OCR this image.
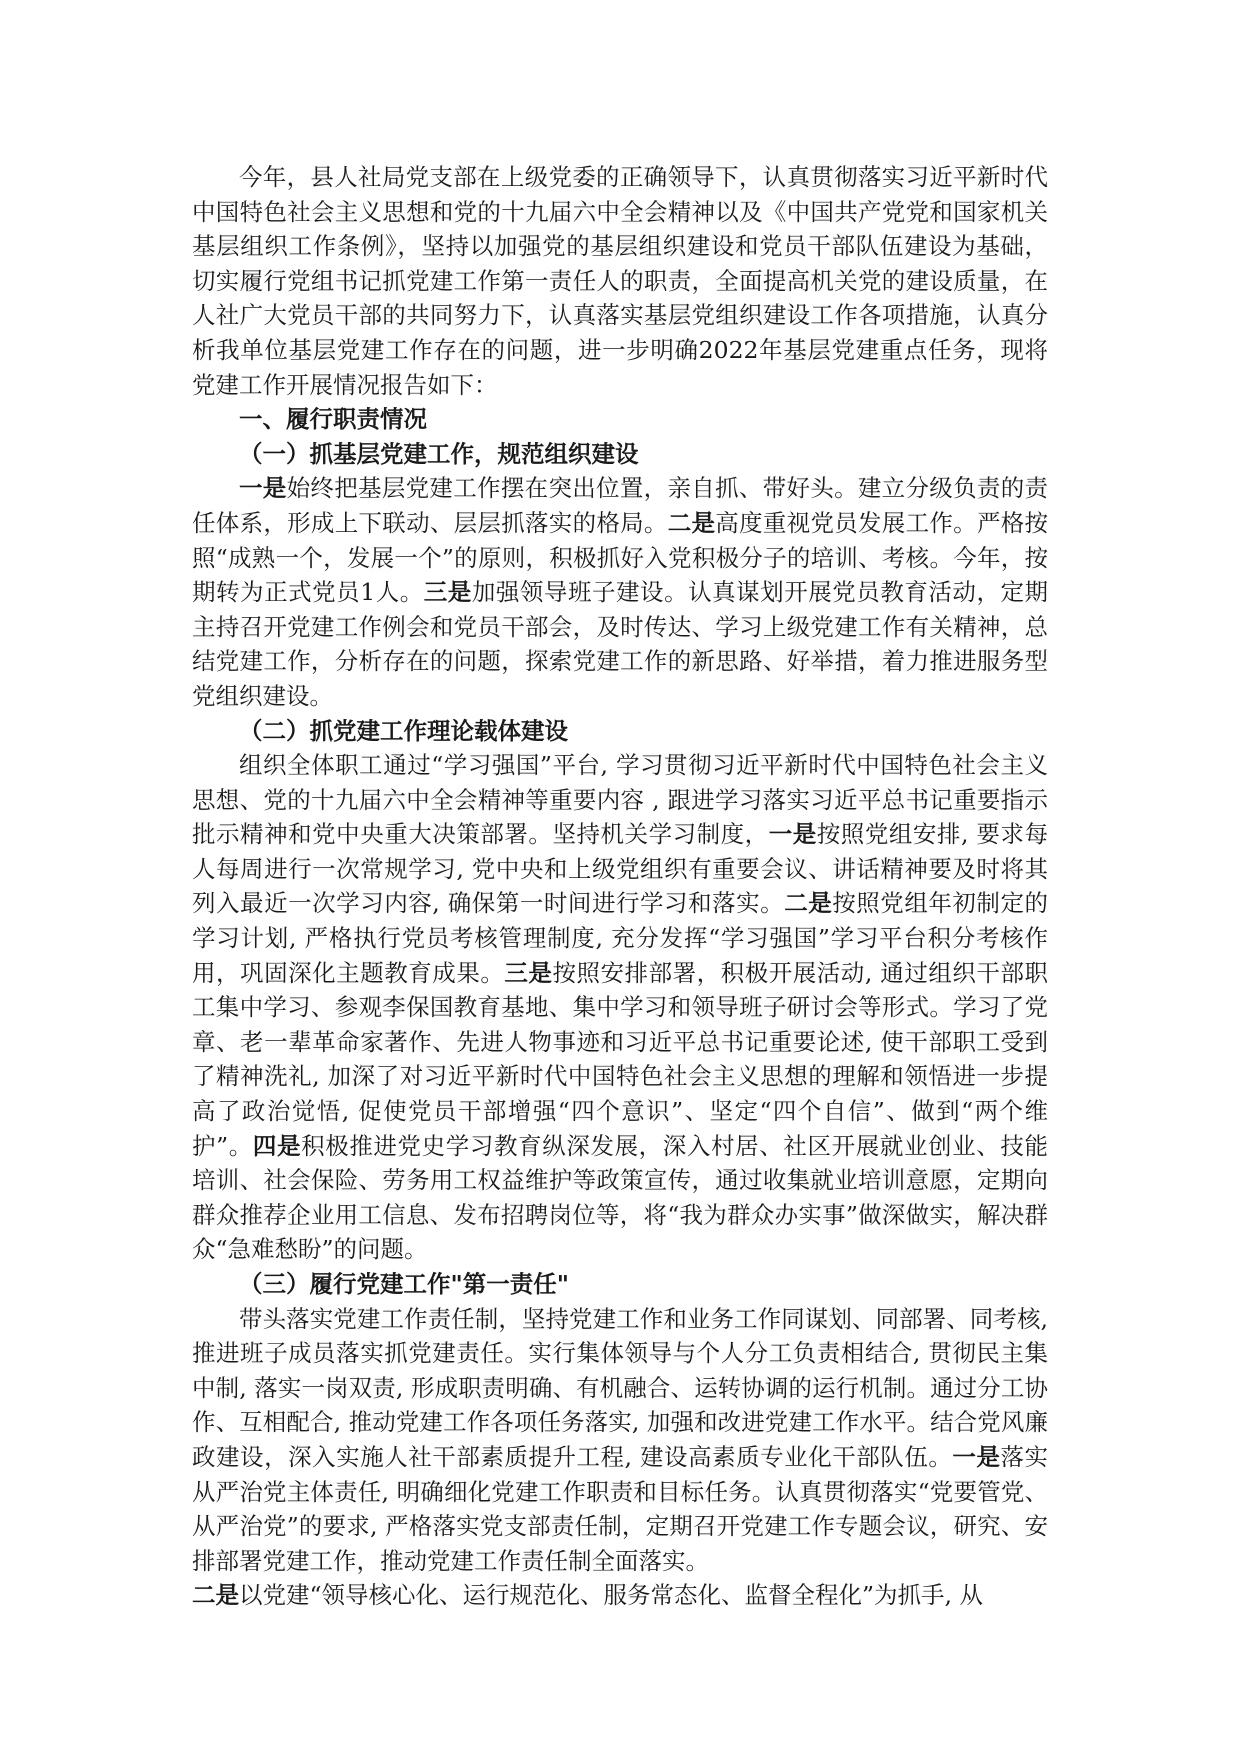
今年，县人社局党支部在上级党委的正确领导下，认真贯彻落实习近平新时代中国特色社会主义思想和党的十九届六中全会精神以及《中国共产党党和国家机关基层组织工作条例》，坚持以加强党的基层组织建设和党员干部队伍建设为基础，切实履行党组书记抓党建工作第一责任人的职责，全面提高机关党的建设质量，在人社广大党员干部的共同努力下，认真落实基层党组织建设工作各项措施，认真分析我单位基层党建工作存在的问题，进一步明确2022年基层党建重点任务，现将党建工作开展情况报告如下：

一、履行职责情况

（一）抓基层党建工作，规范组织建设

一是始终把基层党建工作摆在突出位置，亲自抓、带好头。建立分级负责的责任体系，形成上下联动、层层抓落实的格局。二是高度重视党员发展工作。严格按照“成熟一个，发展一个”的原则，积极抓好入党积极分子的培训、考核。今年，按期转为正式党员1人。三是加强领导班子建设。认真谋划开展党员教育活动，定期主持召开党建工作例会和党员干部会，及时传达、学习上级党建工作有关精神，总结党建工作，分析存在的问题，探索党建工作的新思路、好举措，着力推进服务型党组织建设。

（二）抓党建工作理论载体建设

组织全体职工通过“学习强国”平台, 学习贯彻习近平新时代中国特色社会主义思想、党的十九届六中全会精神等重要内容 , 跟进学习落实习近平总书记重要指示批示精神和党中央重大决策部署。坚持机关学习制度，一是按照党组安排, 要求每人每周进行一次常规学习, 党中央和上级党组织有重要会议、讲话精神要及时将其列入最近一次学习内容, 确保第一时间进行学习和落实。二是按照党组年初制定的学习计划, 严格执行党员考核管理制度, 充分发挥“学习强国”学习平台积分考核作用，巩固深化主题教育成果。三是按照安排部署，积极开展活动, 通过组织干部职工集中学习、参观李保国教育基地、集中学习和领导班子研讨会等形式。学习了党章、老一辈革命家著作、先进人物事迹和习近平总书记重要论述, 使干部职工受到了精神洗礼, 加深了对习近平新时代中国特色社会主义思想的理解和领悟进一步提高了政治觉悟, 促使党员干部增强“四个意识”、坚定“四个自信”、做到“两个维护”。四是积极推进党史学习教育纵深发展，深入村居、社区开展就业创业、技能培训、社会保险、劳务用工权益维护等政策宣传，通过收集就业培训意愿，定期向群众推荐企业用工信息、发布招聘岗位等，将“我为群众办实事”做深做实，解决群众“急难愁盼”的问题。

（三）履行党建工作"第一责任"

带头落实党建工作责任制，坚持党建工作和业务工作同谋划、同部署、同考核, 推进班子成员落实抓党建责任。实行集体领导与个人分工负责相结合, 贯彻民主集中制, 落实一岗双责, 形成职责明确、有机融合、运转协调的运行机制。通过分工协作、互相配合, 推动党建工作各项任务落实, 加强和改进党建工作水平。结合党风廉政建设，深入实施人社干部素质提升工程, 建设高素质专业化干部队伍。一是落实从严治党主体责任, 明确细化党建工作职责和目标任务。认真贯彻落实“党要管党、从严治党”的要求, 严格落实党支部责任制，定期召开党建工作专题会议，研究、安排部署党建工作，推动党建工作责任制全面落实。

二是以党建“领导核心化、运行规范化、服务常态化、监督全程化”为抓手, 从
